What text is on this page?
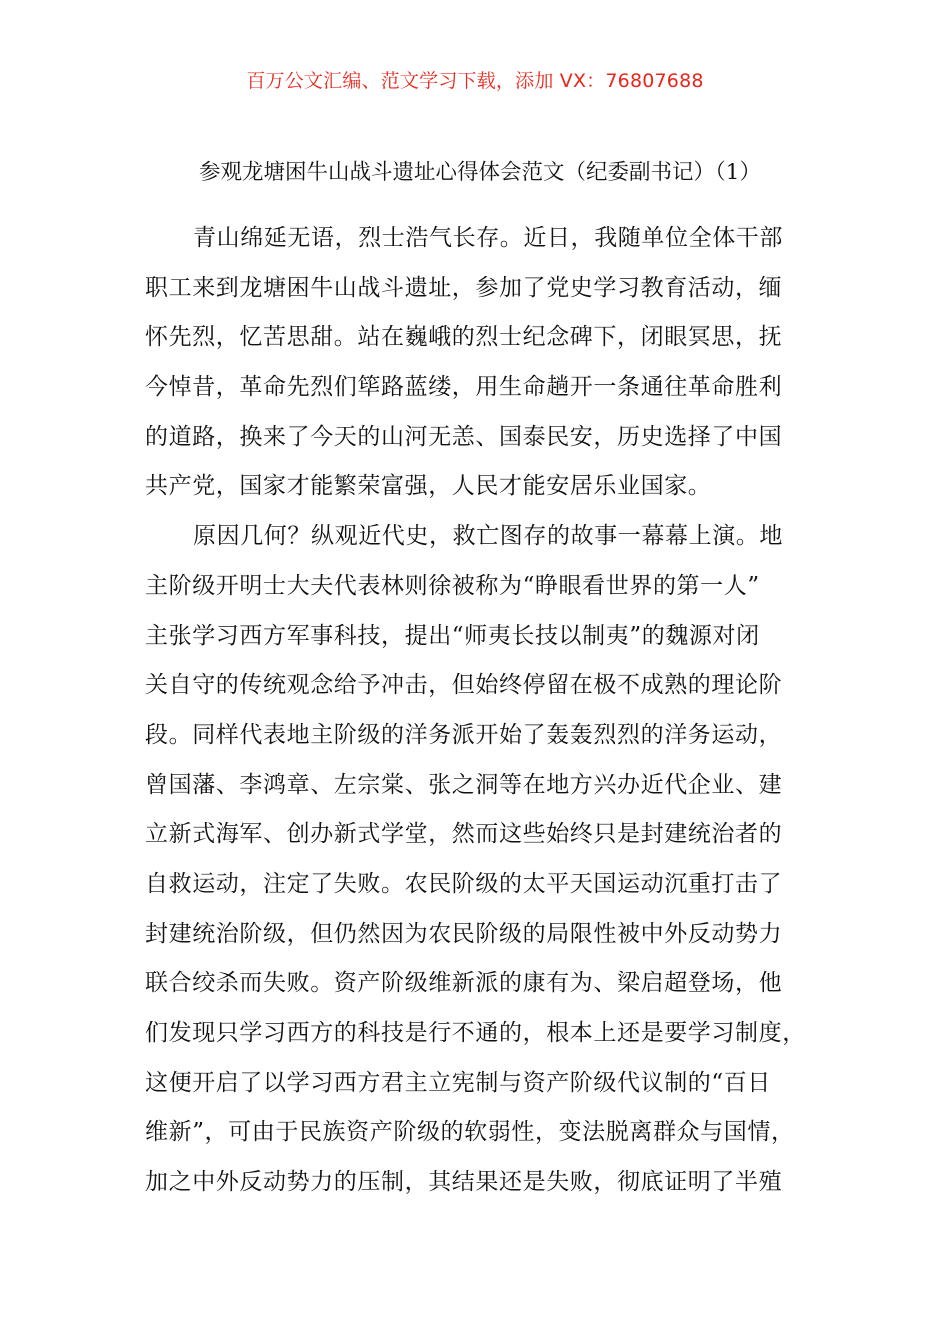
百万公文汇编、范文学习下载，添加 VX：76807688
参观龙塘困牛山战斗遗址心得体会范文（纪委副书记）（1）
青山绵延无语，烈士浩气长存。近日，我随单位全体干部
职工来到龙塘困牛山战斗遗址，参加了党史学习教育活动，缅
怀先烈，忆苦思甜。站在巍峨的烈士纪念碑下，闭眼冥思，抚
今悼昔，革命先烈们筚路蓝缕，用生命趟开一条通往革命胜利
的道路，换来了今天的山河无恙、国泰民安，历史选择了中国
共产党，国家才能繁荣富强，人民才能安居乐业国家。
原因几何？纵观近代史，救亡图存的故事一幕幕上演。地
主阶级开明士大夫代表林则徐被称为“睁眼看世界的第一人”
主张学习西方军事科技，提出“师夷长技以制夷”的魏源对闭
关自守的传统观念给予冲击，但始终停留在极不成熟的理论阶
段。同样代表地主阶级的洋务派开始了轰轰烈烈的洋务运动，
曾国藩、李鸿章、左宗棠、张之洞等在地方兴办近代企业、建
立新式海军、创办新式学堂，然而这些始终只是封建统治者的
自救运动，注定了失败。农民阶级的太平天国运动沉重打击了
封建统治阶级，但仍然因为农民阶级的局限性被中外反动势力
联合绞杀而失败。资产阶级维新派的康有为、梁启超登场，他
们发现只学习西方的科技是行不通的，根本上还是要学习制度，
这便开启了以学习西方君主立宪制与资产阶级代议制的“百日
维新”，可由于民族资产阶级的软弱性，变法脱离群众与国情，
加之中外反动势力的压制，其结果还是失败，彻底证明了半殖
